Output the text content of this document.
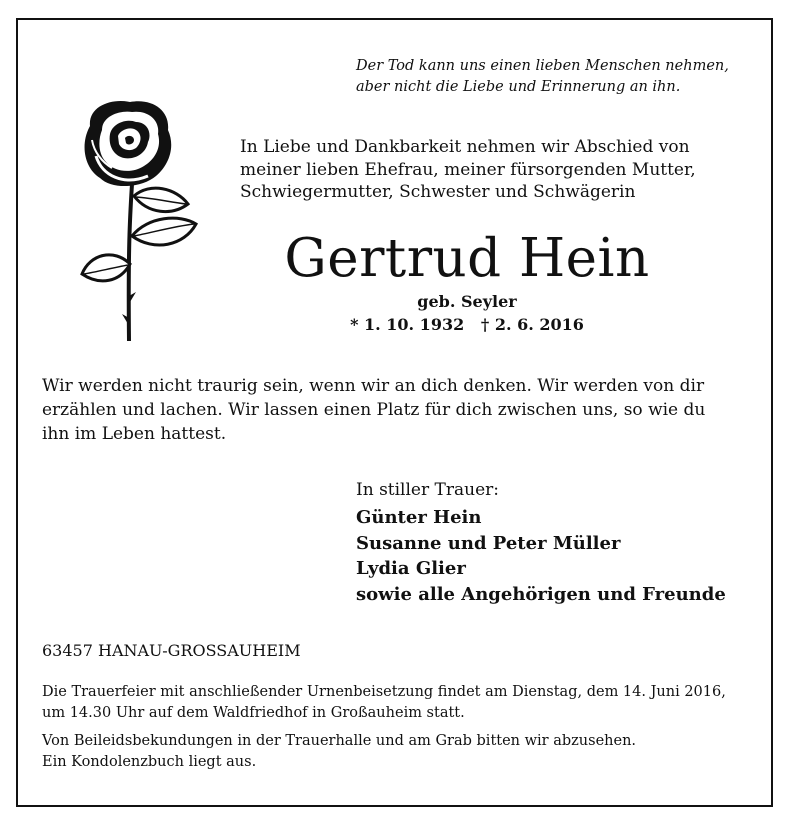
Der Tod kann uns einen lieben Menschen nehmen,
aber nicht die Liebe und Erinnerung an ihn.
In Liebe und Dankbarkeit nehmen wir Abschied von
meiner lieben Ehefrau, meiner fürsorgenden Mutter,
Schwiegermutter, Schwester und Schwägerin
Gertrud Hein
geb. Seyler
* 1. 10. 1932   † 2. 6. 2016
Wir werden nicht traurig sein, wenn wir an dich denken. Wir werden von dir
erzählen und lachen. Wir lassen einen Platz für dich zwischen uns, so wie du
ihn im Leben hattest.
In stiller Trauer:
Günter Hein
Susanne und Peter Müller
Lydia Glier
sowie alle Angehörigen und Freunde
63457 HANAU-GROSSAUHEIM
Die Trauerfeier mit anschließender Urnenbeisetzung findet am Dienstag, dem 14. Juni 2016,
um 14.30 Uhr auf dem Waldfriedhof in Großauheim statt.
Von Beileidsbekundungen in der Trauerhalle und am Grab bitten wir abzusehen.
Ein Kondolenzbuch liegt aus.
